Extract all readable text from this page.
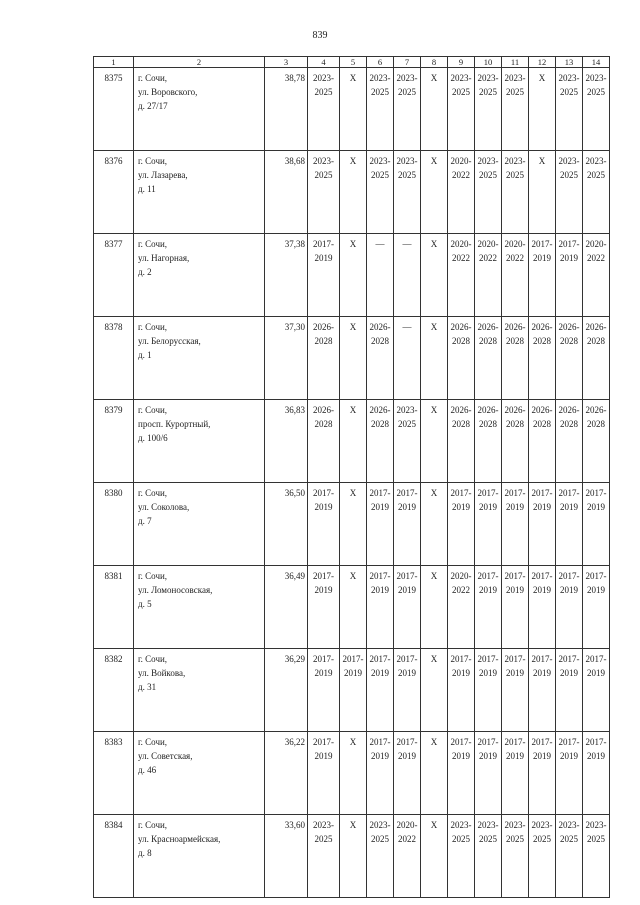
839
1	2	3	4	5	6	7	8	9	10	11	12	13	14
8375	г. Сочи,
ул. Воровского,
д. 27/17	38,78	2023-
2025	X	2023-
2025	2023-
2025	X	2023-
2025	2023-
2025	2023-
2025	X	2023-
2025	2023-
2025

8376	г. Сочи,
ул. Лазарева,
д. 11	38,68	2023-
2025	X	2023-
2025	2023-
2025	X	2020-
2022	2023-
2025	2023-
2025	X	2023-
2025	2023-
2025

8377	г. Сочи,
ул. Нагорная,
д. 2	37,38	2017-
2019	X	—	—	X	2020-
2022	2020-
2022	2020-
2022	2017-
2019	2017-
2019	2020-
2022

8378	г. Сочи,
ул. Белорусская,
д. 1	37,30	2026-
2028	X	2026-
2028	—	X	2026-
2028	2026-
2028	2026-
2028	2026-
2028	2026-
2028	2026-
2028

8379	г. Сочи,
просп. Курортный,
д. 100/6	36,83	2026-
2028	X	2026-
2028	2023-
2025	X	2026-
2028	2026-
2028	2026-
2028	2026-
2028	2026-
2028	2026-
2028

8380	г. Сочи,
ул. Соколова,
д. 7	36,50	2017-
2019	X	2017-
2019	2017-
2019	X	2017-
2019	2017-
2019	2017-
2019	2017-
2019	2017-
2019	2017-
2019

8381	г. Сочи,
ул. Ломоносовская,
д. 5	36,49	2017-
2019	X	2017-
2019	2017-
2019	X	2020-
2022	2017-
2019	2017-
2019	2017-
2019	2017-
2019	2017-
2019

8382	г. Сочи,
ул. Войкова,
д. 31	36,29	2017-
2019	2017-
2019	2017-
2019	2017-
2019	X	2017-
2019	2017-
2019	2017-
2019	2017-
2019	2017-
2019	2017-
2019

8383	г. Сочи,
ул. Советская,
д. 46	36,22	2017-
2019	X	2017-
2019	2017-
2019	X	2017-
2019	2017-
2019	2017-
2019	2017-
2019	2017-
2019	2017-
2019

8384	г. Сочи,
ул. Красноармейская,
д. 8	33,60	2023-
2025	X	2023-
2025	2020-
2022	X	2023-
2025	2023-
2025	2023-
2025	2023-
2025	2023-
2025	2023-
2025
